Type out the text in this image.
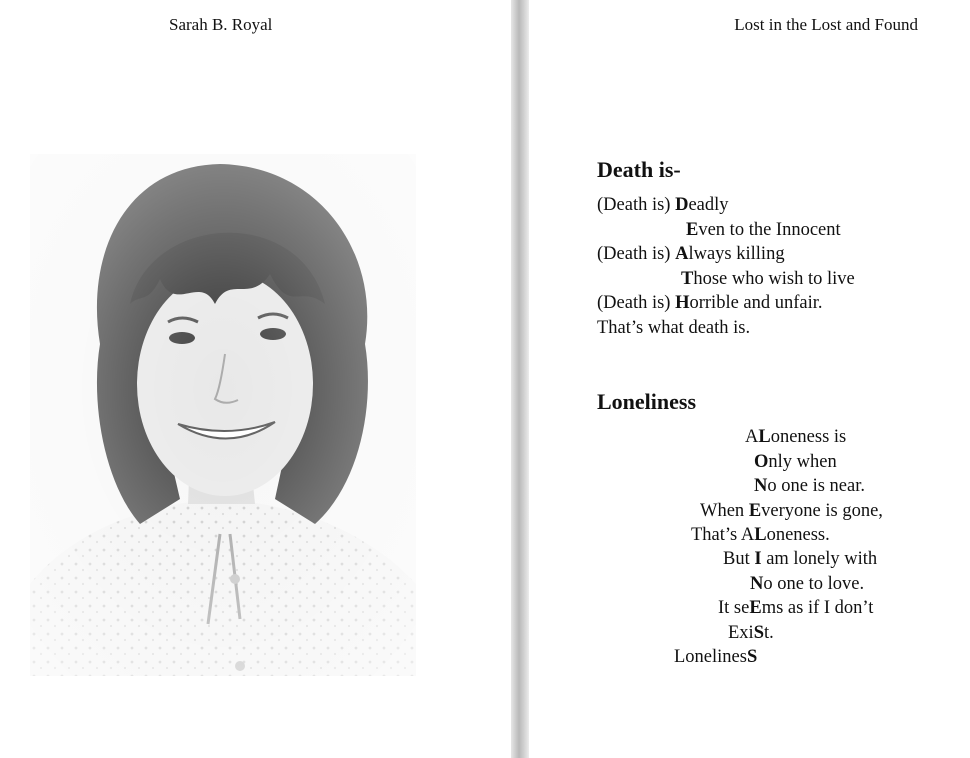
Sarah B. Royal	Lost in the Lost and Found
Death is-
(Death is) Deadly
Even to the Innocent
(Death is) Always killing
Those who wish to live
(Death is) Horrible and unfair.
That’s what death is.
Loneliness
ALoneness is
Only when
No one is near.
When Everyone is gone,
That’s ALoneness.
But I am lonely with
No one to love.
It seEms as if I don’t
ExiSt.
LonelinesS
